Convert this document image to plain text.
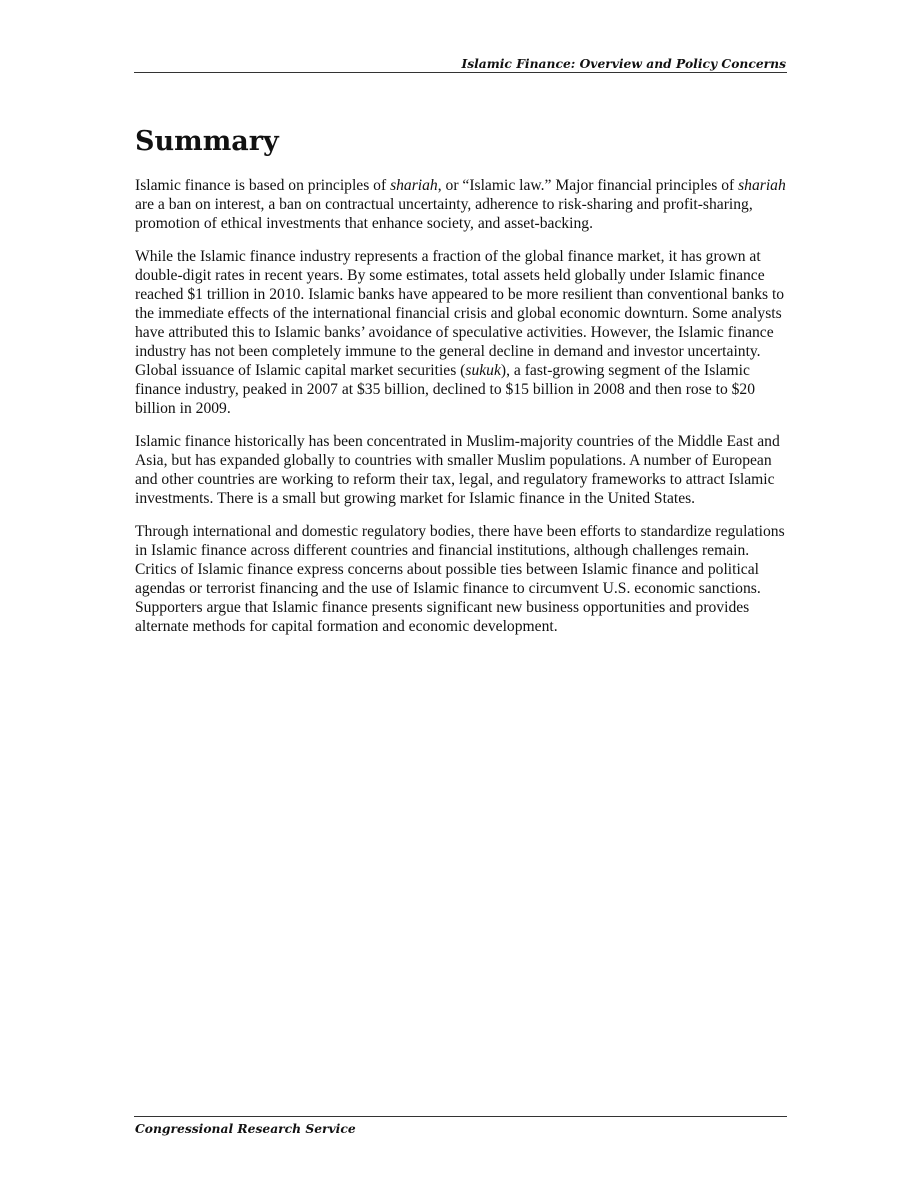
Islamic Finance: Overview and Policy Concerns
Summary

Islamic finance is based on principles of shariah, or “Islamic law.” Major financial principles of shariah are a ban on interest, a ban on contractual uncertainty, adherence to risk-sharing and profit-sharing, promotion of ethical investments that enhance society, and asset-backing.

While the Islamic finance industry represents a fraction of the global finance market, it has grown at double-digit rates in recent years. By some estimates, total assets held globally under Islamic finance reached $1 trillion in 2010. Islamic banks have appeared to be more resilient than conventional banks to the immediate effects of the international financial crisis and global economic downturn. Some analysts have attributed this to Islamic banks’ avoidance of speculative activities. However, the Islamic finance industry has not been completely immune to the general decline in demand and investor uncertainty. Global issuance of Islamic capital market securities (sukuk), a fast-growing segment of the Islamic finance industry, peaked in 2007 at $35 billion, declined to $15 billion in 2008 and then rose to $20 billion in 2009.

Islamic finance historically has been concentrated in Muslim-majority countries of the Middle East and Asia, but has expanded globally to countries with smaller Muslim populations. A number of European and other countries are working to reform their tax, legal, and regulatory frameworks to attract Islamic investments. There is a small but growing market for Islamic finance in the United States.

Through international and domestic regulatory bodies, there have been efforts to standardize regulations in Islamic finance across different countries and financial institutions, although challenges remain. Critics of Islamic finance express concerns about possible ties between Islamic finance and political agendas or terrorist financing and the use of Islamic finance to circumvent U.S. economic sanctions. Supporters argue that Islamic finance presents significant new business opportunities and provides alternate methods for capital formation and economic development.

Congressional Research Service
